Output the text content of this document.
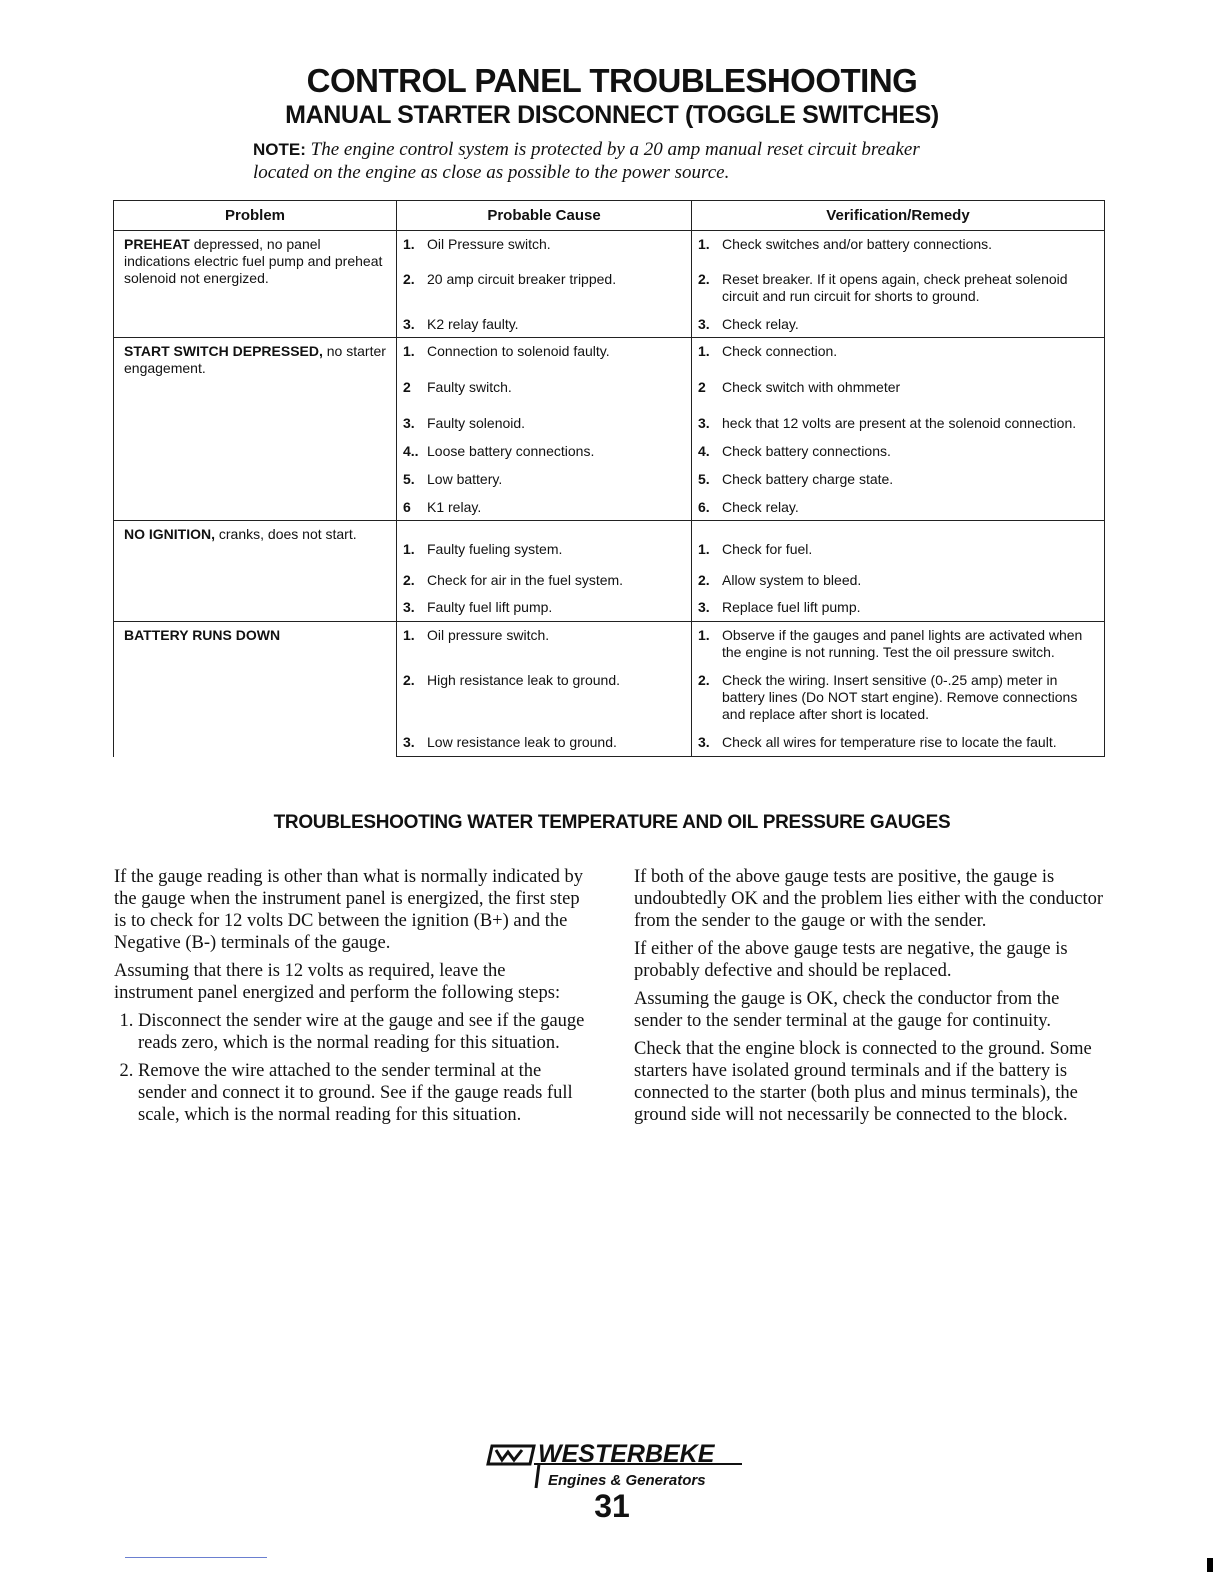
CONTROL PANEL TROUBLESHOOTING
MANUAL STARTER DISCONNECT (TOGGLE SWITCHES)
NOTE: The engine control system is protected by a 20 amp manual reset circuit breaker
located on the engine as close as possible to the power source.
Problem	Probable Cause	Verification/Remedy

PREHEAT depressed, no panel indications electric fuel pump and preheat solenoid not energized.	1. Oil Pressure switch.	1. Check switches and/or battery connections.

	2. 20 amp circuit breaker tripped.	2. Reset breaker. If it opens again, check preheat solenoid circuit and run circuit for shorts to ground.

	3. K2 relay faulty.	3. Check relay.

START SWITCH DEPRESSED, no starter engagement.	1. Connection to solenoid faulty.	1. Check connection.

	2 Faulty switch.	2 Check switch with ohmmeter

	3. Faulty solenoid.	3. heck that 12 volts are present at the solenoid connection.

	4.. Loose battery connections.	4. Check battery connections.

	5. Low battery.	5. Check battery charge state.

	6 K1 relay.	6. Check relay.

NO IGNITION, cranks, does not start.	1. Faulty fueling system.	1. Check for fuel.

	2. Check for air in the fuel system.	2. Allow system to bleed.

	3. Faulty fuel lift pump.	3. Replace fuel lift pump.

BATTERY RUNS DOWN	1. Oil pressure switch.	1. Observe if the gauges and panel lights are activated when the engine is not running. Test the oil pressure switch.

	2. High resistance leak to ground.	2. Check the wiring. Insert sensitive (0-.25 amp) meter in battery lines (Do NOT start engine). Remove connections and replace after short is located.

	3. Low resistance leak to ground.	3. Check all wires for temperature rise to locate the fault.
TROUBLESHOOTING WATER TEMPERATURE AND OIL PRESSURE GAUGES

If the gauge reading is other than what is normally indicated by the gauge when the instrument panel is energized, the first step is to check for 12 volts DC between the ignition (B+) and the Negative (B-) terminals of the gauge.

Assuming that there is 12 volts as required, leave the instrument panel energized and perform the following steps:

1. Disconnect the sender wire at the gauge and see if the gauge reads zero, which is the normal reading for this situation.
2. Remove the wire attached to the sender terminal at the sender and connect it to ground. See if the gauge reads full scale, which is the normal reading for this situation.

If both of the above gauge tests are positive, the gauge is undoubtedly OK and the problem lies either with the conductor from the sender to the gauge or with the sender.

If either of the above gauge tests are negative, the gauge is probably defective and should be replaced.

Assuming the gauge is OK, check the conductor from the sender to the sender terminal at the gauge for continuity.

Check that the engine block is connected to the ground. Some starters have isolated ground terminals and if the battery is connected to the starter (both plus and minus terminals), the ground side will not necessarily be connected to the block.

WESTERBEKE
Engines & Generators
31
